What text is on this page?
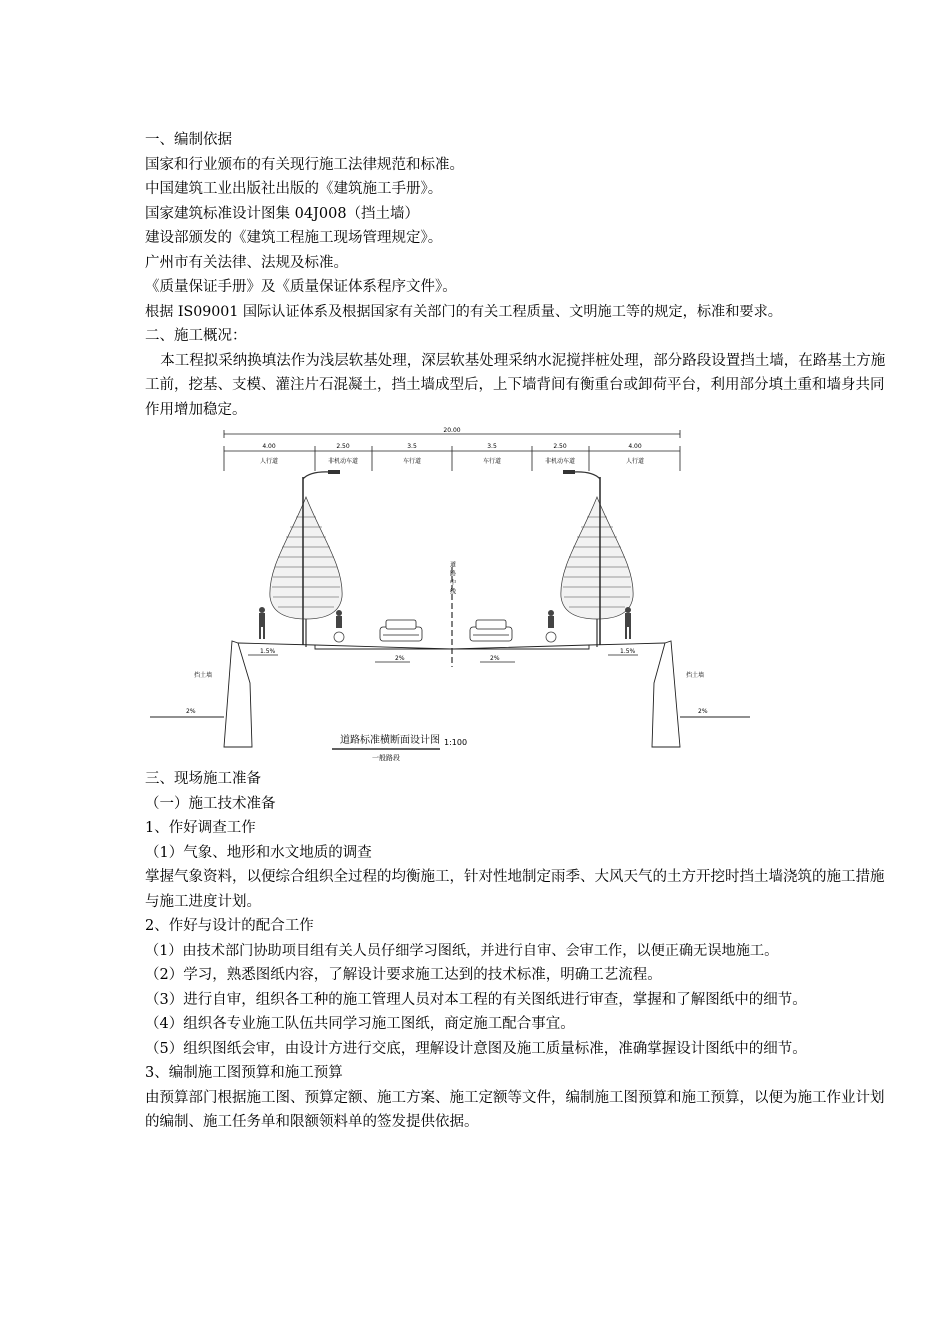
一、编制依据
国家和行业颁布的有关现行施工法律规范和标准。
中国建筑工业出版社出版的《建筑施工手册》。
国家建筑标准设计图集 04J008（挡土墙）
建设部颁发的《建筑工程施工现场管理规定》。
广州市有关法律、法规及标准。
《质量保证手册》及《质量保证体系程序文件》。
根据 IS09001 国际认证体系及根据国家有关部门的有关工程质量、文明施工等的规定，标准和要求。
二、施工概况：
本工程拟采纳换填法作为浅层软基处理，深层软基处理采纳水泥搅拌桩处理，部分路段设置挡土墙，在路基土方施工前，挖基、支模、灌注片石混凝土，挡土墙成型后，上下墙背间有衡重台或卸荷平台，利用部分填土重和墙身共同作用增加稳定。
20.00
4.00	2.50	3.5	3.5	2.50	4.00
人行道	非机动车道	车行道	车行道	非机动车道	人行道
道路中线
1.5%	1.5%
2%	2%
2%	2%
挡土墙	挡土墙
道路标准横断面设计图 1:100
一般路段
三、现场施工准备
（一）施工技术准备
1、作好调查工作
（1）气象、地形和水文地质的调查
掌握气象资料，以便综合组织全过程的均衡施工，针对性地制定雨季、大风天气的土方开挖时挡土墙浇筑的施工措施与施工进度计划。
2、作好与设计的配合工作
（1）由技术部门协助项目组有关人员仔细学习图纸，并进行自审、会审工作，以便正确无误地施工。
（2）学习，熟悉图纸内容，了解设计要求施工达到的技术标准，明确工艺流程。
（3）进行自审，组织各工种的施工管理人员对本工程的有关图纸进行审查，掌握和了解图纸中的细节。
（4）组织各专业施工队伍共同学习施工图纸，商定施工配合事宜。
（5）组织图纸会审，由设计方进行交底，理解设计意图及施工质量标准，准确掌握设计图纸中的细节。
3、编制施工图预算和施工预算
由预算部门根据施工图、预算定额、施工方案、施工定额等文件，编制施工图预算和施工预算，以便为施工作业计划的编制、施工任务单和限额领料单的签发提供依据。
